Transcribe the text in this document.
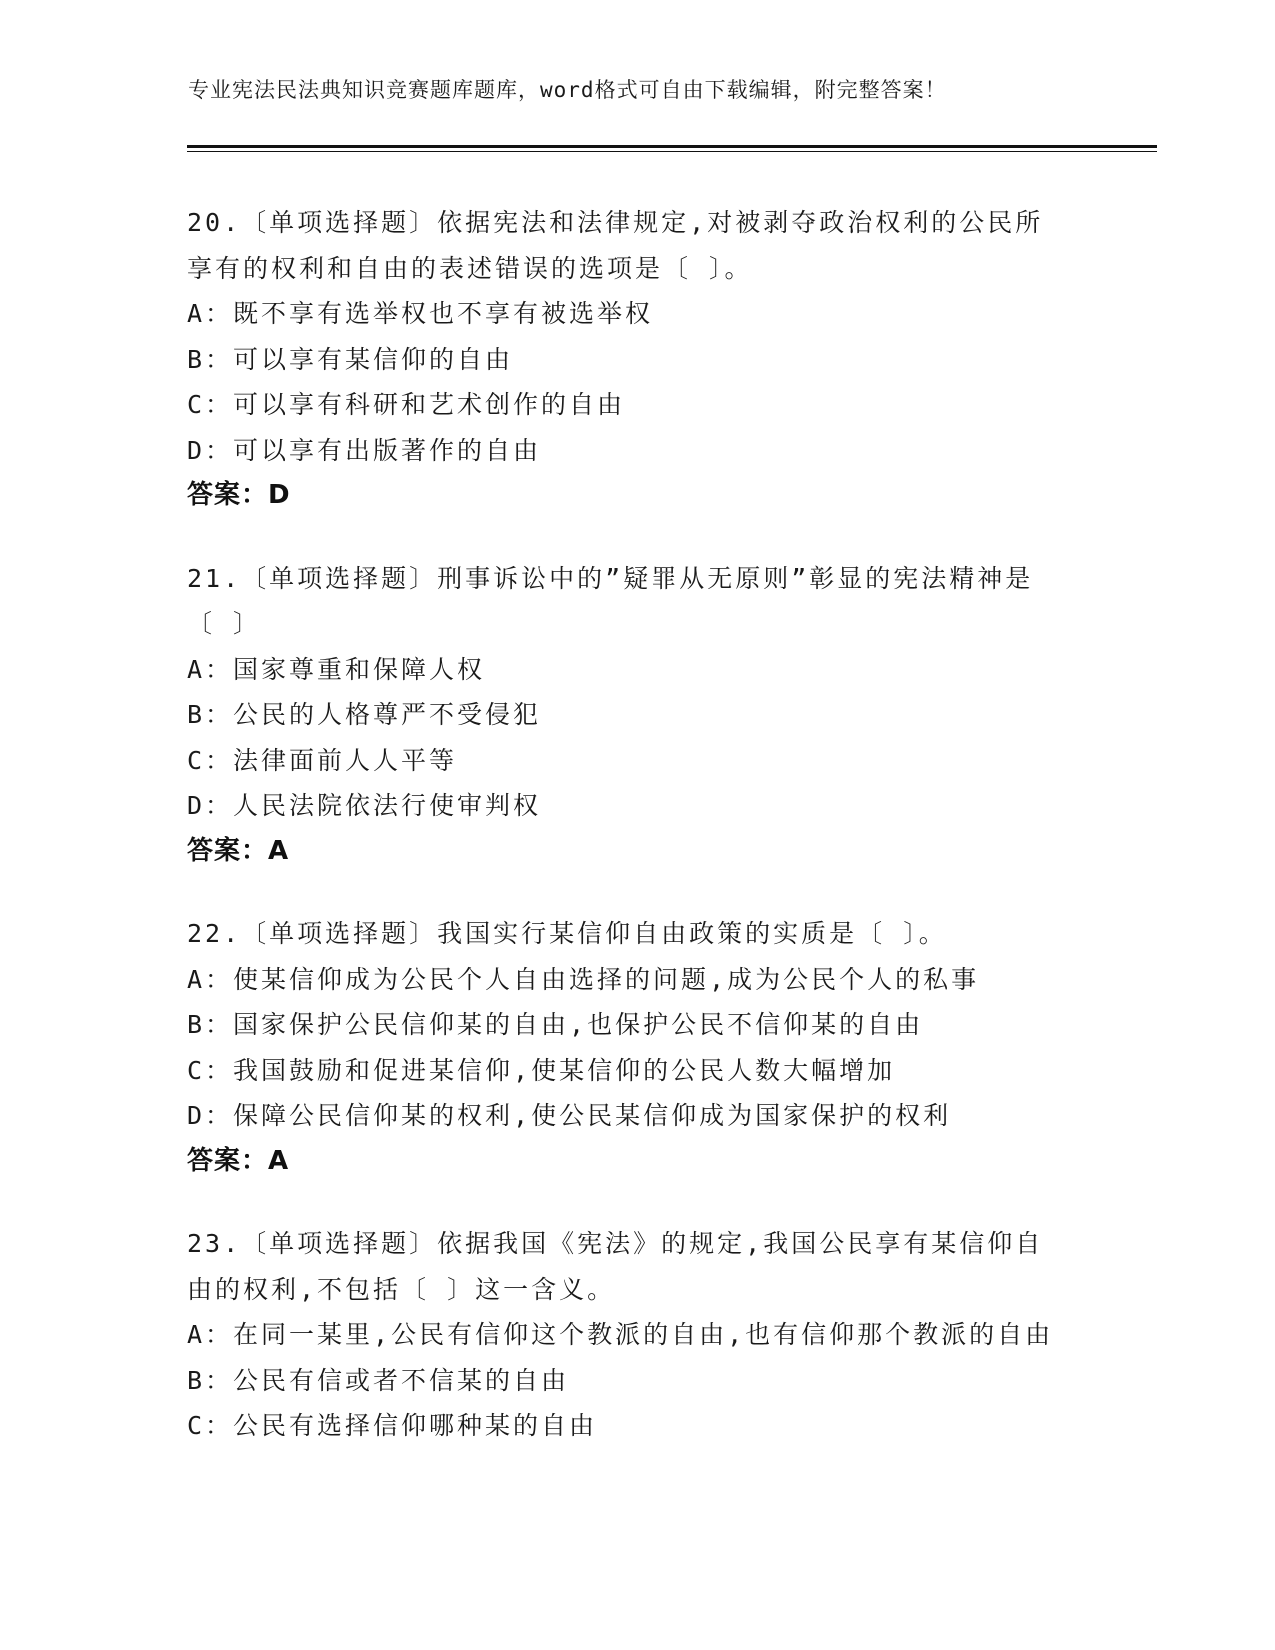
专业宪法民法典知识竞赛题库题库，word格式可自由下载编辑，附完整答案！
20.〔单项选择题〕依据宪法和法律规定,对被剥夺政治权利的公民所
享有的权利和自由的表述错误的选项是〔 〕。
A：既不享有选举权也不享有被选举权
B：可以享有某信仰的自由
C：可以享有科研和艺术创作的自由
D：可以享有出版著作的自由
答案：D
21.〔单项选择题〕刑事诉讼中的”疑罪从无原则”彰显的宪法精神是
〔 〕
A：国家尊重和保障人权
B：公民的人格尊严不受侵犯
C：法律面前人人平等
D：人民法院依法行使审判权
答案：A
22.〔单项选择题〕我国实行某信仰自由政策的实质是〔 〕。
A：使某信仰成为公民个人自由选择的问题,成为公民个人的私事
B：国家保护公民信仰某的自由,也保护公民不信仰某的自由
C：我国鼓励和促进某信仰,使某信仰的公民人数大幅增加
D：保障公民信仰某的权利,使公民某信仰成为国家保护的权利
答案：A
23.〔单项选择题〕依据我国《宪法》的规定,我国公民享有某信仰自
由的权利,不包括〔 〕这一含义。
A：在同一某里,公民有信仰这个教派的自由,也有信仰那个教派的自由
B：公民有信或者不信某的自由
C：公民有选择信仰哪种某的自由
